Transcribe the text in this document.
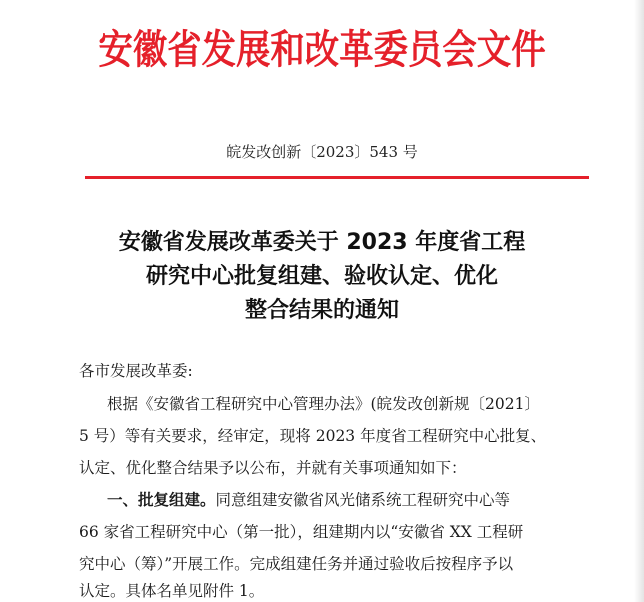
安徽省发展和改革委员会文件
皖发改创新〔2023〕543 号
安徽省发展改革委关于 2023 年度省工程
研究中心批复组建、验收认定、优化
整合结果的通知
各市发展改革委:
根据《安徽省工程研究中心管理办法》(皖发改创新规〔2021〕
5 号）等有关要求，经审定，现将 2023 年度省工程研究中心批复、
认定、优化整合结果予以公布，并就有关事项通知如下：
一、批复组建。同意组建安徽省风光储系统工程研究中心等
66 家省工程研究中心（第一批），组建期内以“安徽省 XX 工程研
究中心（筹）”开展工作。完成组建任务并通过验收后按程序予以
认定。具体名单见附件 1。
